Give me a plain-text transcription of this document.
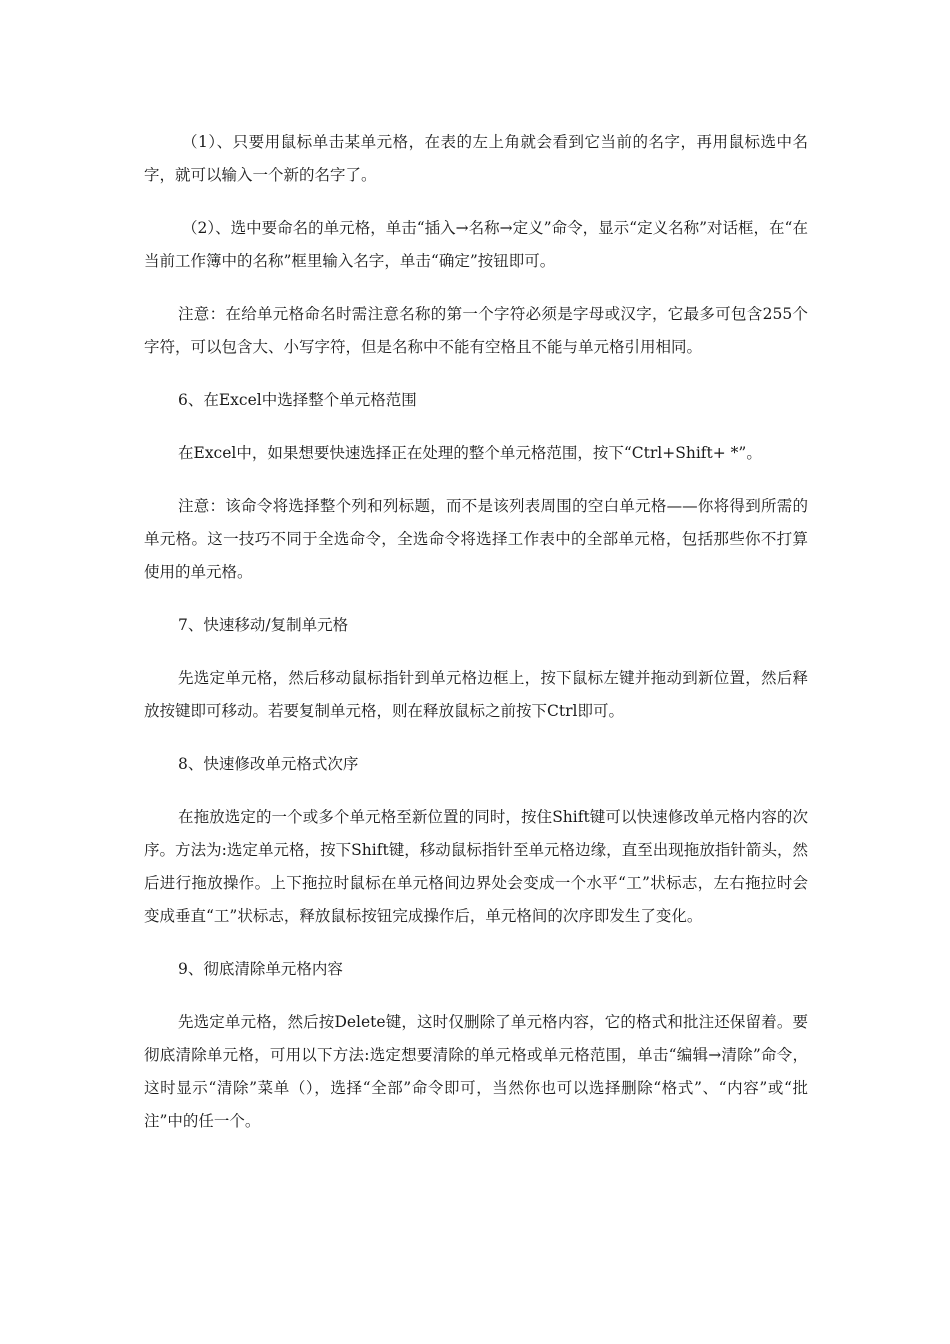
（1）、只要用鼠标单击某单元格，在表的左上角就会看到它当前的名字，再用鼠标选中名字，就可以输入一个新的名字了。

（2）、选中要命名的单元格，单击“插入→名称→定义”命令，显示“定义名称”对话框，在“在当前工作簿中的名称”框里输入名字，单击“确定”按钮即可。

注意：在给单元格命名时需注意名称的第一个字符必须是字母或汉字，它最多可包含255个字符，可以包含大、小写字符，但是名称中不能有空格且不能与单元格引用相同。

6、在Excel中选择整个单元格范围

在Excel中，如果想要快速选择正在处理的整个单元格范围，按下“Ctrl+Shift+ *”。

注意：该命令将选择整个列和列标题，而不是该列表周围的空白单元格——你将得到所需的单元格。这一技巧不同于全选命令，全选命令将选择工作表中的全部单元格，包括那些你不打算使用的单元格。

7、快速移动/复制单元格

先选定单元格，然后移动鼠标指针到单元格边框上，按下鼠标左键并拖动到新位置，然后释放按键即可移动。若要复制单元格，则在释放鼠标之前按下Ctrl即可。

8、快速修改单元格式次序

在拖放选定的一个或多个单元格至新位置的同时，按住Shift键可以快速修改单元格内容的次序。方法为:选定单元格，按下Shift键，移动鼠标指针至单元格边缘，直至出现拖放指针箭头，然后进行拖放操作。上下拖拉时鼠标在单元格间边界处会变成一个水平“工”状标志，左右拖拉时会变成垂直“工”状标志，释放鼠标按钮完成操作后，单元格间的次序即发生了变化。

9、彻底清除单元格内容

先选定单元格，然后按Delete键，这时仅删除了单元格内容，它的格式和批注还保留着。要彻底清除单元格，可用以下方法:选定想要清除的单元格或单元格范围，单击“编辑→清除”命令，这时显示“清除”菜单（），选择“全部”命令即可，当然你也可以选择删除“格式”、“内容”或“批注”中的任一个。
